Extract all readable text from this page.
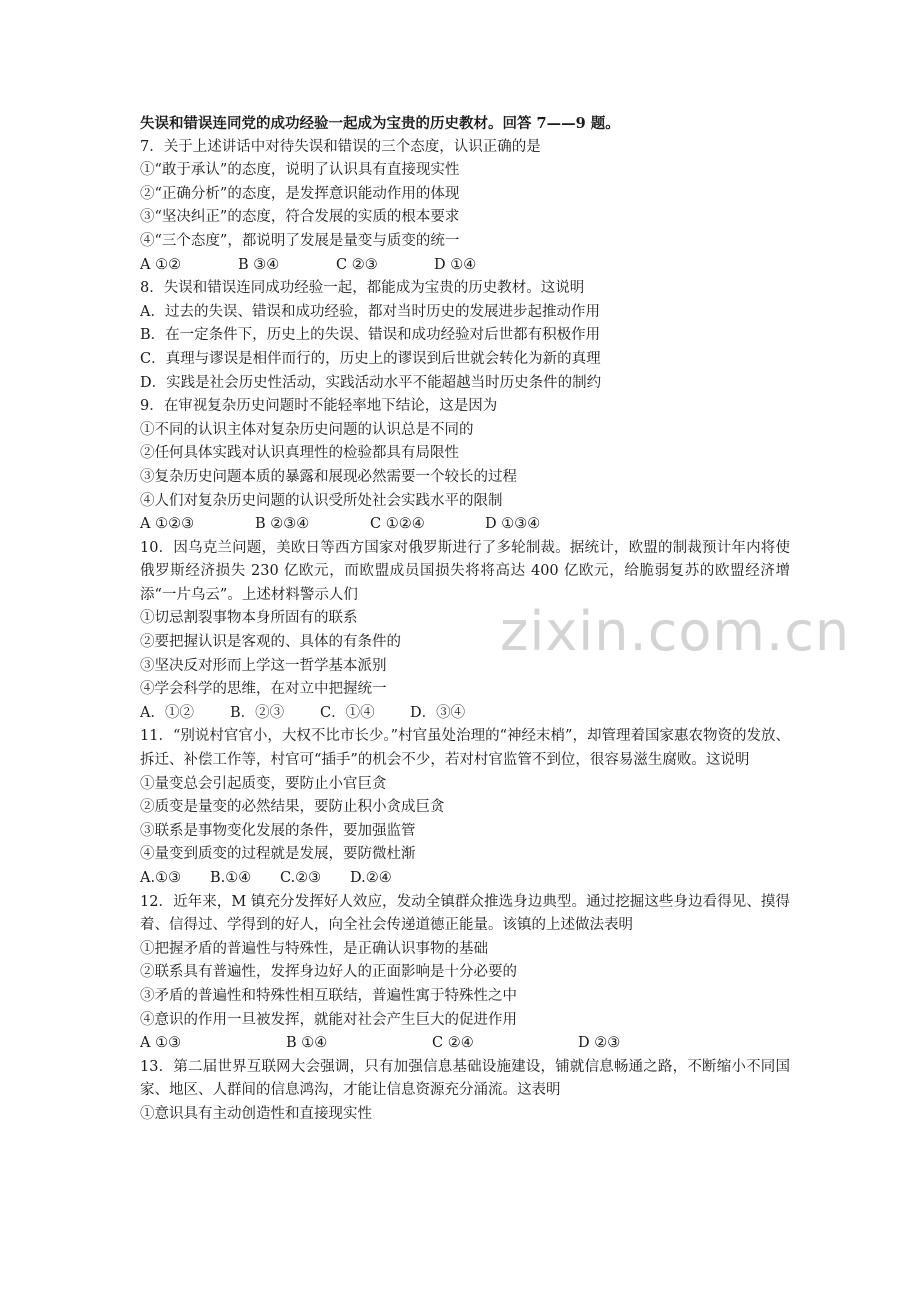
zixin.com.cn
失误和错误连同党的成功经验一起成为宝贵的历史教材。回答 7——9 题。
7．关于上述讲话中对待失误和错误的三个态度，认识正确的是
①“敢于承认”的态度，说明了认识具有直接现实性
②“正确分析”的态度，是发挥意识能动作用的体现
③“坚决纠正”的态度，符合发展的实质的根本要求
④“三个态度”，都说明了发展是量变与质变的统一
A ①②	B ③④	C ②③	D ①④
8．失误和错误连同成功经验一起，都能成为宝贵的历史教材。这说明
A．过去的失误、错误和成功经验，都对当时历史的发展进步起推动作用
B．在一定条件下，历史上的失误、错误和成功经验对后世都有积极作用
C．真理与谬误是相伴而行的，历史上的谬误到后世就会转化为新的真理
D．实践是社会历史性活动，实践活动水平不能超越当时历史条件的制约
9．在审视复杂历史问题时不能轻率地下结论，这是因为
①不同的认识主体对复杂历史问题的认识总是不同的
②任何具体实践对认识真理性的检验都具有局限性
③复杂历史问题本质的暴露和展现必然需要一个较长的过程
④人们对复杂历史问题的认识受所处社会实践水平的限制
A ①②③	B ②③④	C ①②④	D ①③④
10．因乌克兰问题，美欧日等西方国家对俄罗斯进行了多轮制裁。据统计，欧盟的制裁预计年内将使俄罗斯经济损失 230 亿欧元，而欧盟成员国损失将将高达 400 亿欧元，给脆弱复苏的欧盟经济增添“一片乌云”。上述材料警示人们
①切忌割裂事物本身所固有的联系
②要把握认识是客观的、具体的有条件的
③坚决反对形而上学这一哲学基本派别
④学会科学的思维，在对立中把握统一
A．①②	B．②③	C．①④	D．③④
11．“别说村官官小，大权不比市长少。”村官虽处治理的“神经末梢”，却管理着国家惠农物资的发放、拆迁、补偿工作等，村官可“插手”的机会不少，若对村官监管不到位，很容易滋生腐败。这说明
①量变总会引起质变，要防止小官巨贪
②质变是量变的必然结果，要防止积小贪成巨贪
③联系是事物变化发展的条件，要加强监管
④量变到质变的过程就是发展，要防微杜渐
A.①③	B.①④	C.②③	D.②④
12．近年来，M 镇充分发挥好人效应，发动全镇群众推选身边典型。通过挖掘这些身边看得见、摸得着、信得过、学得到的好人，向全社会传递道德正能量。该镇的上述做法表明
①把握矛盾的普遍性与特殊性，是正确认识事物的基础
②联系具有普遍性，发挥身边好人的正面影响是十分必要的
③矛盾的普遍性和特殊性相互联结，普遍性寓于特殊性之中
④意识的作用一旦被发挥，就能对社会产生巨大的促进作用
A ①③	B ①④	C ②④	D ②③
13．第二届世界互联网大会强调，只有加强信息基础设施建设，铺就信息畅通之路，不断缩小不同国家、地区、人群间的信息鸿沟，才能让信息资源充分涌流。这表明
①意识具有主动创造性和直接现实性
